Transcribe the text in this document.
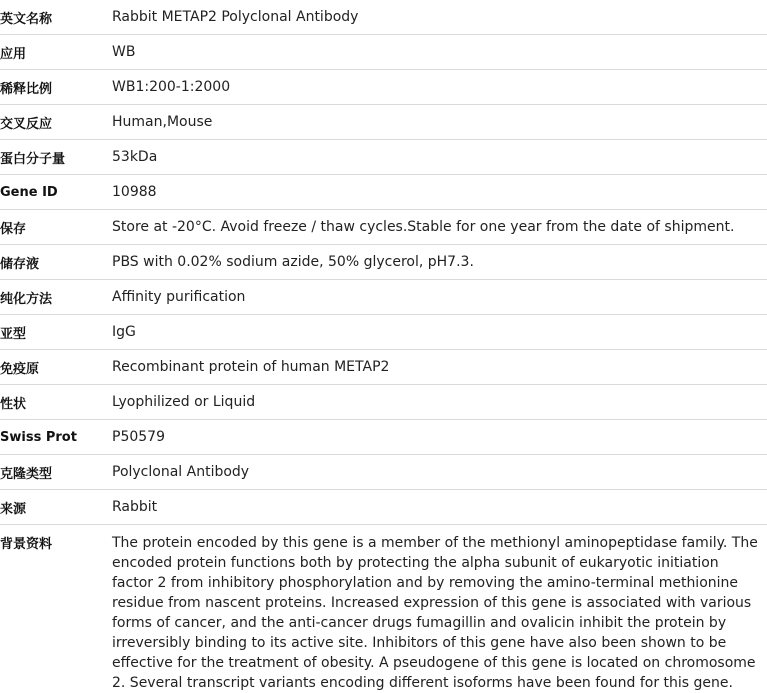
英文名称	Rabbit METAP2 Polyclonal Antibody
应用	WB
稀释比例	WB1:200-1:2000
交叉反应	Human,Mouse
蛋白分子量	53kDa
Gene ID	10988
保存	Store at -20°C. Avoid freeze / thaw cycles.Stable for one year from the date of shipment.
储存液	PBS with 0.02% sodium azide, 50% glycerol, pH7.3.
纯化方法	Affinity purification
亚型	IgG
免疫原	Recombinant protein of human METAP2
性状	Lyophilized or Liquid
Swiss Prot	P50579
克隆类型	Polyclonal Antibody
来源	Rabbit
背景资料	The protein encoded by this gene is a member of the methionyl aminopeptidase family. The encoded protein functions both by protecting the alpha subunit of eukaryotic initiation factor 2 from inhibitory phosphorylation and by removing the amino-terminal methionine residue from nascent proteins. Increased expression of this gene is associated with various forms of cancer, and the anti-cancer drugs fumagillin and ovalicin inhibit the protein by irreversibly binding to its active site. Inhibitors of this gene have also been shown to be effective for the treatment of obesity. A pseudogene of this gene is located on chromosome 2. Several transcript variants encoding different isoforms have been found for this gene.
